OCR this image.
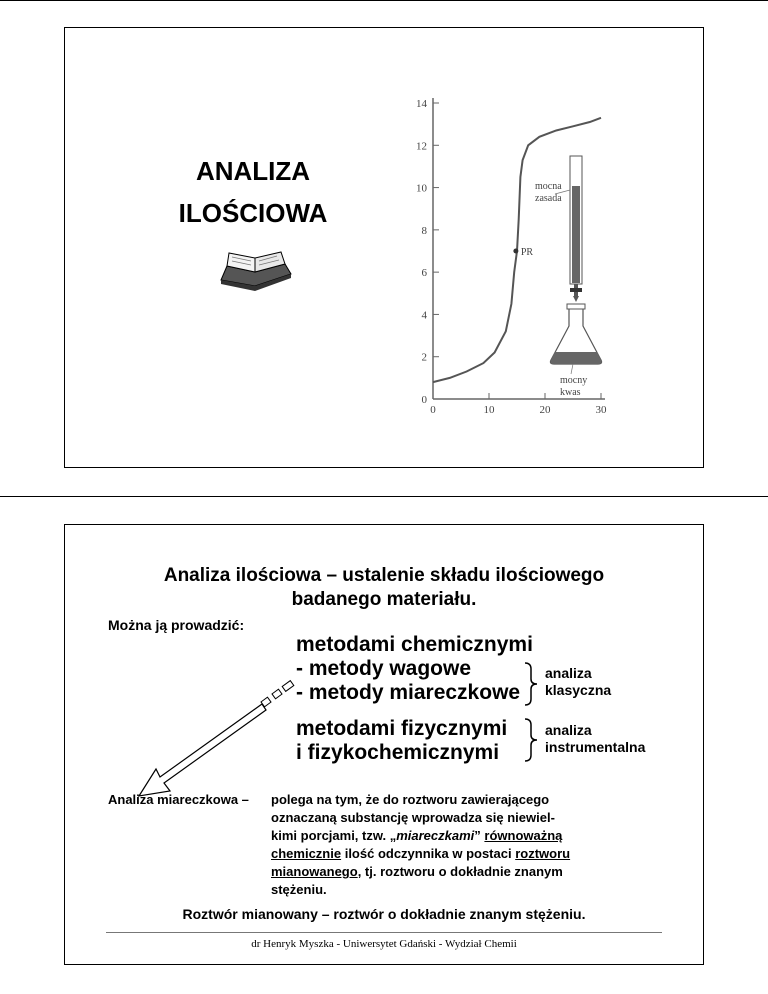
ANALIZA
ILOŚCIOWA
0
2
4
6
8
10
12
14
0	10	20	30
PR
mocna
zasada
mocny
kwas
Analiza ilościowa – ustalenie składu ilościowego
badanego materiału.
Można ją prowadzić:
metodami chemicznymi
- metody wagowe
- metody miareczkowe
analiza
klasyczna
metodami fizycznymi
i fizykochemicznymi
analiza
instrumentalna
Analiza miareczkowa – polega na tym, że do roztworu zawierającego
oznaczaną substancję wprowadza się niewiel-
kimi porcjami, tzw. „miareczkami” równoważną
chemicznie ilość odczynnika w postaci roztworu
mianowanego, tj. roztworu o dokładnie znanym
stężeniu.
Roztwór mianowany – roztwór o dokładnie znanym stężeniu.
dr Henryk Myszka - Uniwersytet Gdański - Wydział Chemii
